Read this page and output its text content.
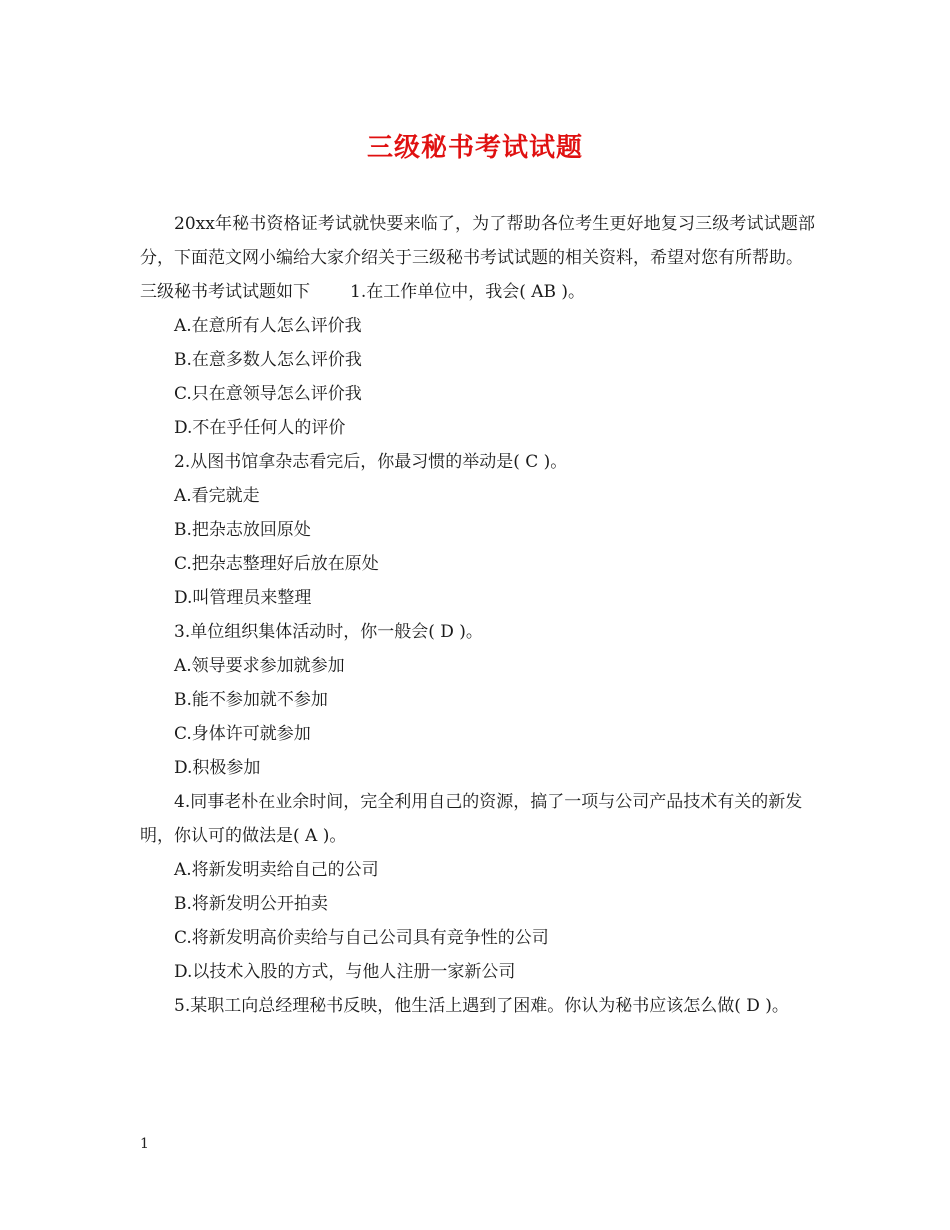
三级秘书考试试题

20xx年秘书资格证考试就快要来临了，为了帮助各位考生更好地复习三级考试试题部分，下面范文网小编给大家介绍关于三级秘书考试试题的相关资料，希望对您有所帮助。

三级秘书考试试题如下 1.在工作单位中，我会( AB )。
A.在意所有人怎么评价我
B.在意多数人怎么评价我
C.只在意领导怎么评价我
D.不在乎任何人的评价
2.从图书馆拿杂志看完后，你最习惯的举动是( C )。
A.看完就走
B.把杂志放回原处
C.把杂志整理好后放在原处
D.叫管理员来整理
3.单位组织集体活动时，你一般会( D )。
A.领导要求参加就参加
B.能不参加就不参加
C.身体许可就参加
D.积极参加

4.同事老朴在业余时间，完全利用自己的资源，搞了一项与公司产品技术有关的新发明，你认可的做法是( A )。

A.将新发明卖给自己的公司
B.将新发明公开拍卖
C.将新发明高价卖给与自己公司具有竞争性的公司
D.以技术入股的方式，与他人注册一家新公司

5.某职工向总经理秘书反映，他生活上遇到了困难。你认为秘书应该怎么做( D )。

1
